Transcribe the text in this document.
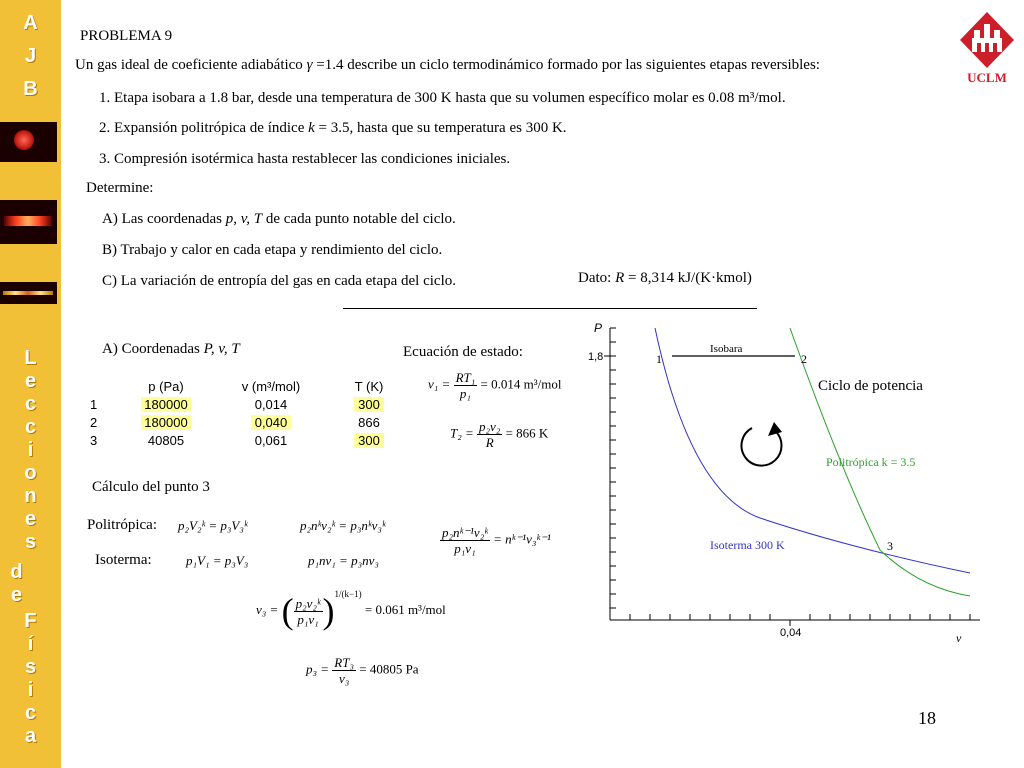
A
J
B
L
e
c
c
i
o
n
e
s
d
e
F
í
s
i
c
a
UCLM
PROBLEMA 9
Un gas ideal de coeficiente adiabático γ =1.4 describe un ciclo termodinámico formado por las siguientes etapas reversibles:
1. Etapa isobara a 1.8 bar, desde una temperatura de 300 K hasta que su volumen específico molar es 0.08 m³/mol.
2. Expansión politrópica de índice k = 3.5, hasta que su temperatura es 300 K.
3. Compresión isotérmica hasta restablecer las condiciones iniciales.
Determine:
A) Las coordenadas p, v, T de cada punto notable del ciclo.
B) Trabajo y calor en cada etapa y rendimiento del ciclo.
C) La variación de entropía del gas en cada etapa del ciclo.	Dato: R = 8,314 kJ/(K·kmol)
A) Coordenadas P, v, T	Ecuación de estado:
	p (Pa)	v (m³/mol)	T (K)
1	180000	0,014	300
2	180000	0,040	866
3	40805	0,061	300
$v_1 = \frac{\text{RT₁}}{\text{p₁}} = 0.014$ m³/mol
$T_2 = \frac{\text{p₂v₂}}{R} = 866$ K
Cálculo del punto 3
Politrópica: p₂V₂ᵏ = p₃V₃ᵏ	p₂nᵏv₂ᵏ = p₃nᵏv₃ᵏ
Isoterma:	p₁V₁ = p₃V₃	p₁nv₁ = p₃nv₃
$\frac{\text{p₂nᵏ⁻¹v₂ᵏ}}{\text{p₁v₁}}$ = nᵏ⁻¹v₃ᵏ⁻¹
v₃ = ( $\frac{\text{p₂v₂ᵏ}}{\text{p₁v₁}} )^{1/(k-1)} = 0.061$ m³/mol
$p_3 = \frac{\text{RT₃}}{\text{v₃}} = 40805$ Pa
P
1,8
0,04	v
Isobara
1	2
3
Ciclo de potencia
Politrópica k = 3.5
Isoterma 300 K
18
